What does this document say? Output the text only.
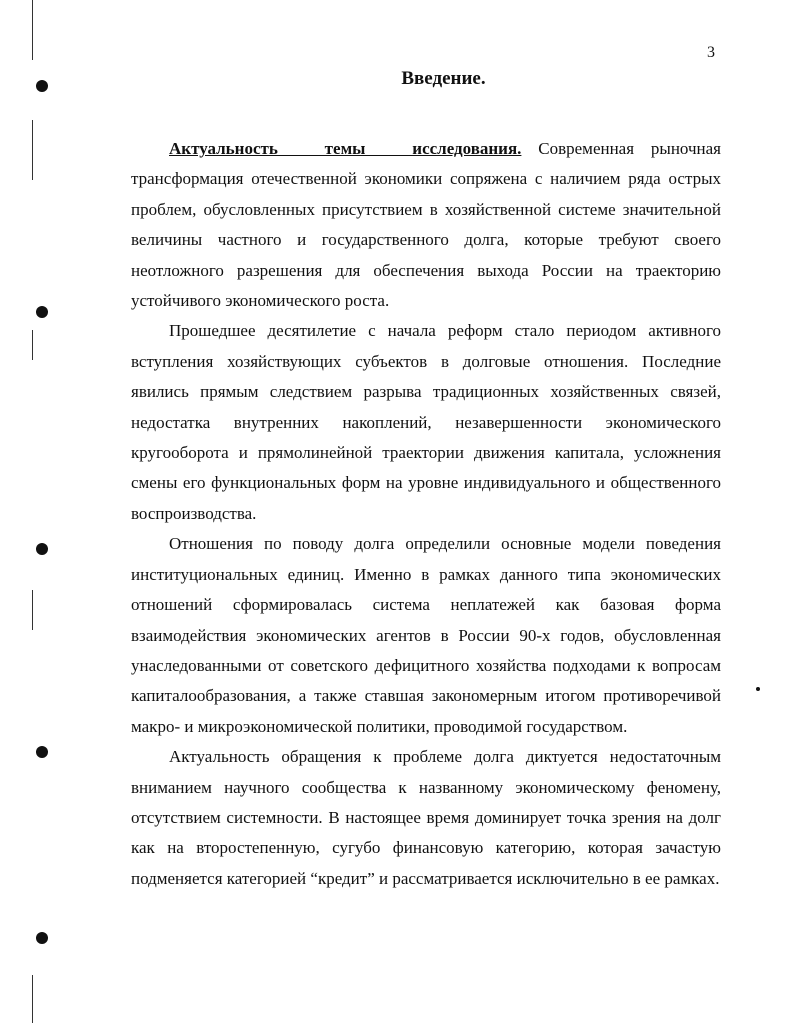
3
Введение.

Актуальность темы исследования. Современная рыночная трансформация отечественной экономики сопряжена с наличием ряда острых проблем, обусловленных присутствием в хозяйственной системе значительной величины частного и государственного долга, которые требуют своего неотложного разрешения для обеспечения выхода России на траекторию устойчивого экономического роста.

Прошедшее десятилетие с начала реформ стало периодом активного вступления хозяйствующих субъектов в долговые отношения. Последние явились прямым следствием разрыва традиционных хозяйственных связей, недостатка внутренних накоплений, незавершенности экономического кругооборота и прямолинейной траектории движения капитала, усложнения смены его функциональных форм на уровне индивидуального и общественного воспроизводства.

Отношения по поводу долга определили основные модели поведения институциональных единиц. Именно в рамках данного типа экономических отношений сформировалась система неплатежей как базовая форма взаимодействия экономических агентов в России 90-х годов, обусловленная унаследованными от советского дефицитного хозяйства подходами к вопросам капиталообразования, а также ставшая закономерным итогом противоречивой макро- и микроэкономической политики, проводимой государством.

Актуальность обращения к проблеме долга диктуется недостаточным вниманием научного сообщества к названному экономическому феномену, отсутствием системности. В настоящее время доминирует точка зрения на долг как на второстепенную, сугубо финансовую категорию, которая зачастую подменяется категорией “кредит” и рассматривается исключительно в ее рамках.
